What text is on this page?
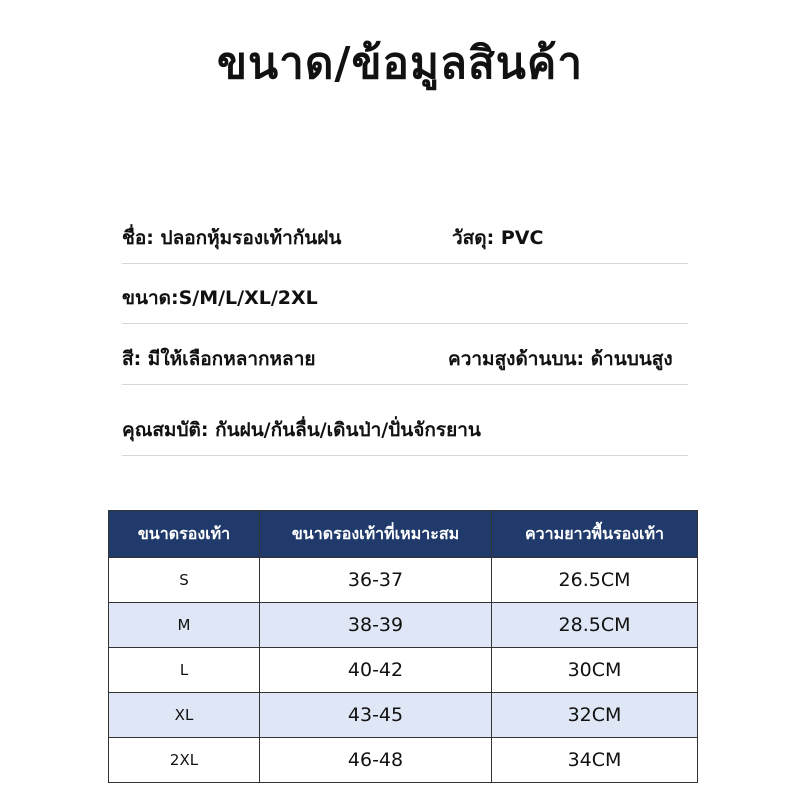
ขนาด/ข้อมูลสินค้า
ชื่อ: ปลอกหุ้มรองเท้ากันฝน	วัสดุ: PVC
ขนาด:S/M/L/XL/2XL
สี: มีให้เลือกหลากหลาย	ความสูงด้านบน: ด้านบนสูง
คุณสมบัติ: กันฝน/กันลื่น/เดินป่า/ปั่นจักรยาน
ขนาดรองเท้า	ขนาดรองเท้าที่เหมาะสม	ความยาวพื้นรองเท้า
S	36-37	26.5CM
M	38-39	28.5CM
L	40-42	30CM
XL	43-45	32CM
2XL	46-48	34CM
